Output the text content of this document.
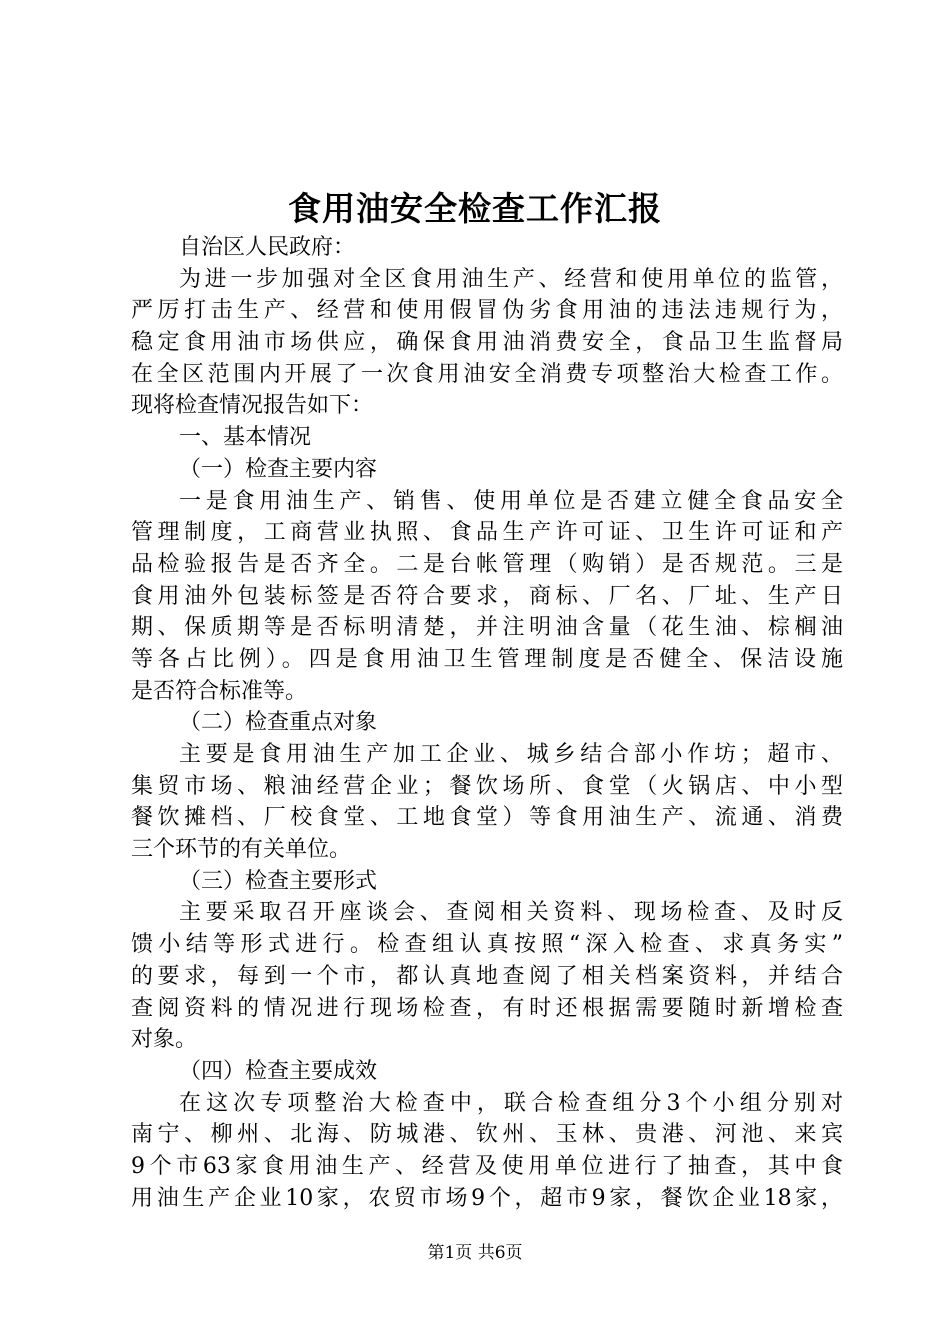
食用油安全检查工作汇报
自治区人民政府：
为进一步加强对全区食用油生产、经营和使用单位的监管，
严厉打击生产、经营和使用假冒伪劣食用油的违法违规行为，
稳定食用油市场供应，确保食用油消费安全，食品卫生监督局
在全区范围内开展了一次食用油安全消费专项整治大检查工作。
现将检查情况报告如下：
一、基本情况
（一）检查主要内容
一是食用油生产、销售、使用单位是否建立健全食品安全
管理制度，工商营业执照、食品生产许可证、卫生许可证和产
品检验报告是否齐全。二是台帐管理（购销）是否规范。三是
食用油外包装标签是否符合要求，商标、厂名、厂址、生产日
期、保质期等是否标明清楚，并注明油含量（花生油、棕榈油
等各占比例）。四是食用油卫生管理制度是否健全、保洁设施
是否符合标准等。
（二）检查重点对象
主要是食用油生产加工企业、城乡结合部小作坊；超市、
集贸市场、粮油经营企业；餐饮场所、食堂（火锅店、中小型
餐饮摊档、厂校食堂、工地食堂）等食用油生产、流通、消费
三个环节的有关单位。
（三）检查主要形式
主要采取召开座谈会、查阅相关资料、现场检查、及时反
馈小结等形式进行。检查组认真按照“深入检查、求真务实”
的要求，每到一个市，都认真地查阅了相关档案资料，并结合
查阅资料的情况进行现场检查，有时还根据需要随时新增检查
对象。
（四）检查主要成效
在这次专项整治大检查中，联合检查组分3个小组分别对
南宁、柳州、北海、防城港、钦州、玉林、贵港、河池、来宾
9个市63家食用油生产、经营及使用单位进行了抽查，其中食
用油生产企业10家，农贸市场9个，超市9家，餐饮企业18家，
第1页 共6页
